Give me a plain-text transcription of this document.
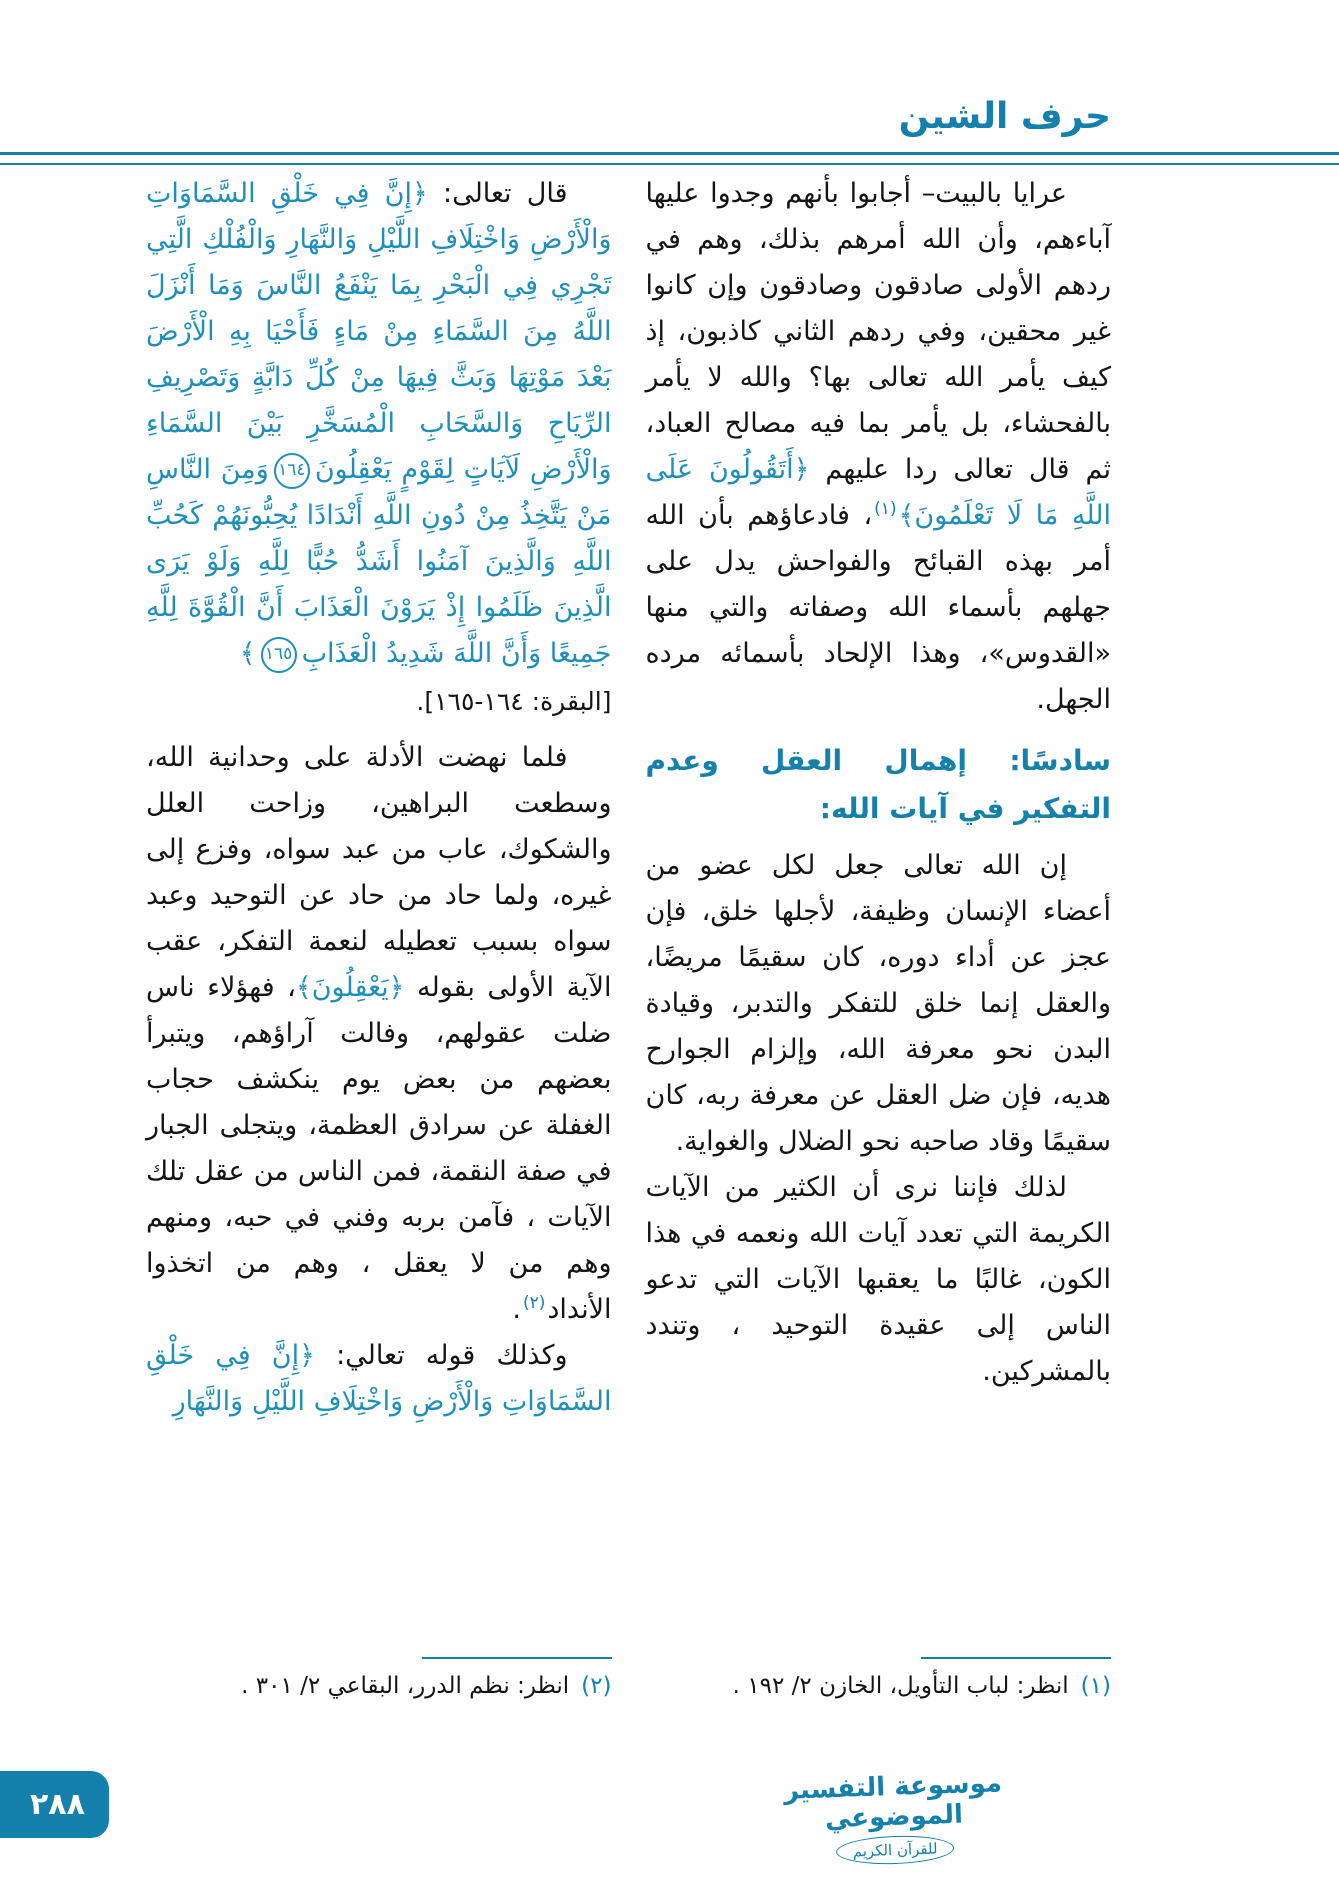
حرف الشين

عرايا بالبيت– أجابوا بأنهم وجدوا عليها آباءهم، وأن الله أمرهم بذلك، وهم في ردهم الأولى صادقون وصادقون وإن كانوا غير محقين، وفي ردهم الثاني كاذبون، إذ كيف يأمر الله تعالى بها؟ والله لا يأمر بالفحشاء، بل يأمر بما فيه مصالح العباد، ثم قال تعالى ردا عليهم ﴿أَتَقُولُونَ عَلَى اللَّهِ مَا لَا تَعْلَمُونَ﴾$^{(١)}$، فادعاؤهم بأن الله أمر بهذه القبائح والفواحش يدل على جهلهم بأسماء الله وصفاته والتي منها «القدوس»، وهذا الإلحاد بأسمائه مرده الجهل.

سادسًا: إهمال العقل وعدم التفكير في آيات الله:

إن الله تعالى جعل لكل عضو من أعضاء الإنسان وظيفة، لأجلها خلق، فإن عجز عن أداء دوره، كان سقيمًا مريضًا، والعقل إنما خلق للتفكر والتدبر، وقيادة البدن نحو معرفة الله، وإلزام الجوارح هديه، فإن ضل العقل عن معرفة ربه، كان سقيمًا وقاد صاحبه نحو الضلال والغواية.

لذلك فإننا نرى أن الكثير من الآيات الكريمة التي تعدد آيات الله ونعمه في هذا الكون، غالبًا ما يعقبها الآيات التي تدعو الناس إلى عقيدة التوحيد ، وتندد بالمشركين.

قال تعالى: ﴿إِنَّ فِي خَلْقِ السَّمَاوَاتِ وَالْأَرْضِ وَاخْتِلَافِ اللَّيْلِ وَالنَّهَارِ وَالْفُلْكِ الَّتِي تَجْرِي فِي الْبَحْرِ بِمَا يَنْفَعُ النَّاسَ وَمَا أَنْزَلَ اللَّهُ مِنَ السَّمَاءِ مِنْ مَاءٍ فَأَحْيَا بِهِ الْأَرْضَ بَعْدَ مَوْتِهَا وَبَثَّ فِيهَا مِنْ كُلِّ دَابَّةٍ وَتَصْرِيفِ الرِّيَاحِ وَالسَّحَابِ الْمُسَخَّرِ بَيْنَ السَّمَاءِ وَالْأَرْضِ لَآيَاتٍ لِقَوْمٍ يَعْقِلُونَ١٦٤وَمِنَ النَّاسِ مَنْ يَتَّخِذُ مِنْ دُونِ اللَّهِ أَنْدَادًا يُحِبُّونَهُمْ كَحُبِّ اللَّهِ وَالَّذِينَ آمَنُوا أَشَدُّ حُبًّا لِلَّهِ وَلَوْ يَرَى الَّذِينَ ظَلَمُوا إِذْ يَرَوْنَ الْعَذَابَ أَنَّ الْقُوَّةَ لِلَّهِ جَمِيعًا وَأَنَّ اللَّهَ شَدِيدُ الْعَذَابِ١٦٥﴾

[البقرة: ١٦٤-١٦٥].

فلما نهضت الأدلة على وحدانية الله، وسطعت البراهين، وزاحت العلل والشكوك، عاب من عبد سواه، وفزع إلى غيره، ولما حاد من حاد عن التوحيد وعبد سواه بسبب تعطيله لنعمة التفكر، عقب الآية الأولى بقوله ﴿يَعْقِلُونَ﴾، فهؤلاء ناس ضلت عقولهم، وفالت آراؤهم، ويتبرأ بعضهم من بعض يوم ينكشف حجاب الغفلة عن سرادق العظمة، ويتجلى الجبار في صفة النقمة، فمن الناس من عقل تلك الآيات ، فآمن بربه وفني في حبه، ومنهم وهم من لا يعقل ، وهم من اتخذوا الأنداد$^{(٢)}$.

وكذلك قوله تعالي: ﴿إِنَّ فِي خَلْقِ السَّمَاوَاتِ وَالْأَرْضِ وَاخْتِلَافِ اللَّيْلِ وَالنَّهَارِ

(١)
انظر: لباب التأويل، الخازن ٢/ ١٩٢ .
(٢)
انظر: نظم الدرر، البقاعي ٢/ ٣٠١ .
موسوعة التفسير الموضوعي
للقرآن الكريم
٢٨٨
